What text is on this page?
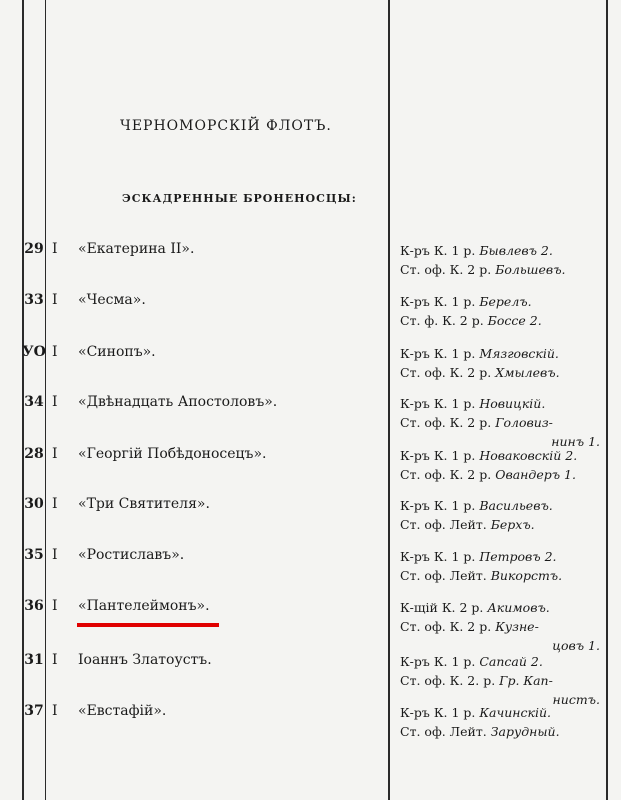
ЧЕРНОМОРСКІЙ ФЛОТЪ.
ЭСКАДРЕННЫЕ БРОНЕНОСЦЫ:
29 I «Екатерина II».	К-ръ К. 1 р. Бывлевъ 2.
Ст. оф. К. 2 р. Большевъ.
33 I «Чесма».	К-ръ К. 1 р. Берелъ.
Ст. ф. К. 2 р. Боссе 2.
УО I «Синопъ».	К-ръ К. 1 р. Мязговскій.
Ст. оф. К. 2 р. Хмылевъ.
34 I «Двѣнадцать Апостоловъ».	К-ръ К. 1 р. Новицкій.
Ст. оф. К. 2 р. Головиз-
нинъ 1.
28 I «Георгій Побѣдоносецъ».	К-ръ К. 1 р. Новаковскій 2.
Ст. оф. К. 2 р. Овандеръ 1.
30 I «Три Святителя».	К-ръ К. 1 р. Васильевъ.
Ст. оф. Лейт. Берхъ.
35 I «Ростиславъ».	К-ръ К. 1 р. Петровъ 2.
Ст. оф. Лейт. Викорстъ.
36 I «Пантелеймонъ».	К-щій К. 2 р. Акимовъ.
Ст. оф. К. 2 р. Кузне-
цовъ 1.
31 I Іоаннъ Златоустъ.	К-ръ К. 1 р. Сапсай 2.
Ст. оф. К. 2. р. Гр. Кап-
нистъ.
37 I «Евстафій».	К-ръ К. 1 р. Качинскій.
Ст. оф. Лейт. Зарудный.
